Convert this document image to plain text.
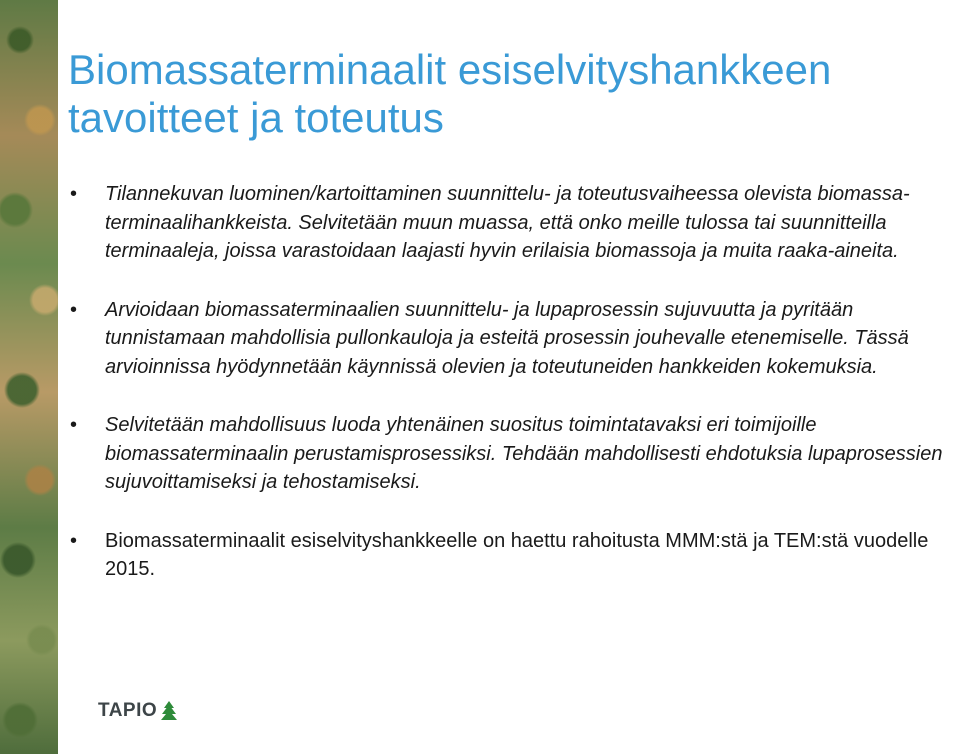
Biomassaterminaalit esiselvityshankkeen tavoitteet ja toteutus
• Tilannekuvan luominen/kartoittaminen suunnittelu- ja toteutusvaiheessa olevista biomassa-terminaalihankkeista. Selvitetään muun muassa, että onko meille tulossa tai suunnitteilla terminaaleja, joissa varastoidaan laajasti hyvin erilaisia biomassoja ja muita raaka-aineita.
• Arvioidaan biomassaterminaalien suunnittelu- ja lupaprosessin sujuvuutta ja pyritään tunnistamaan mahdollisia pullonkauloja ja esteitä prosessin jouhevalle etenemiselle. Tässä arvioinnissa hyödynnetään käynnissä olevien ja toteutuneiden hankkeiden kokemuksia.
• Selvitetään mahdollisuus luoda yhtenäinen suositus toimintatavaksi eri toimijoille biomassaterminaalin perustamisprosessiksi. Tehdään mahdollisesti ehdotuksia lupaprosessien sujuvoittamiseksi ja tehostamiseksi.
• Biomassaterminaalit esiselvityshankkeelle on haettu rahoitusta MMM:stä ja TEM:stä vuodelle 2015.
TAPIO
